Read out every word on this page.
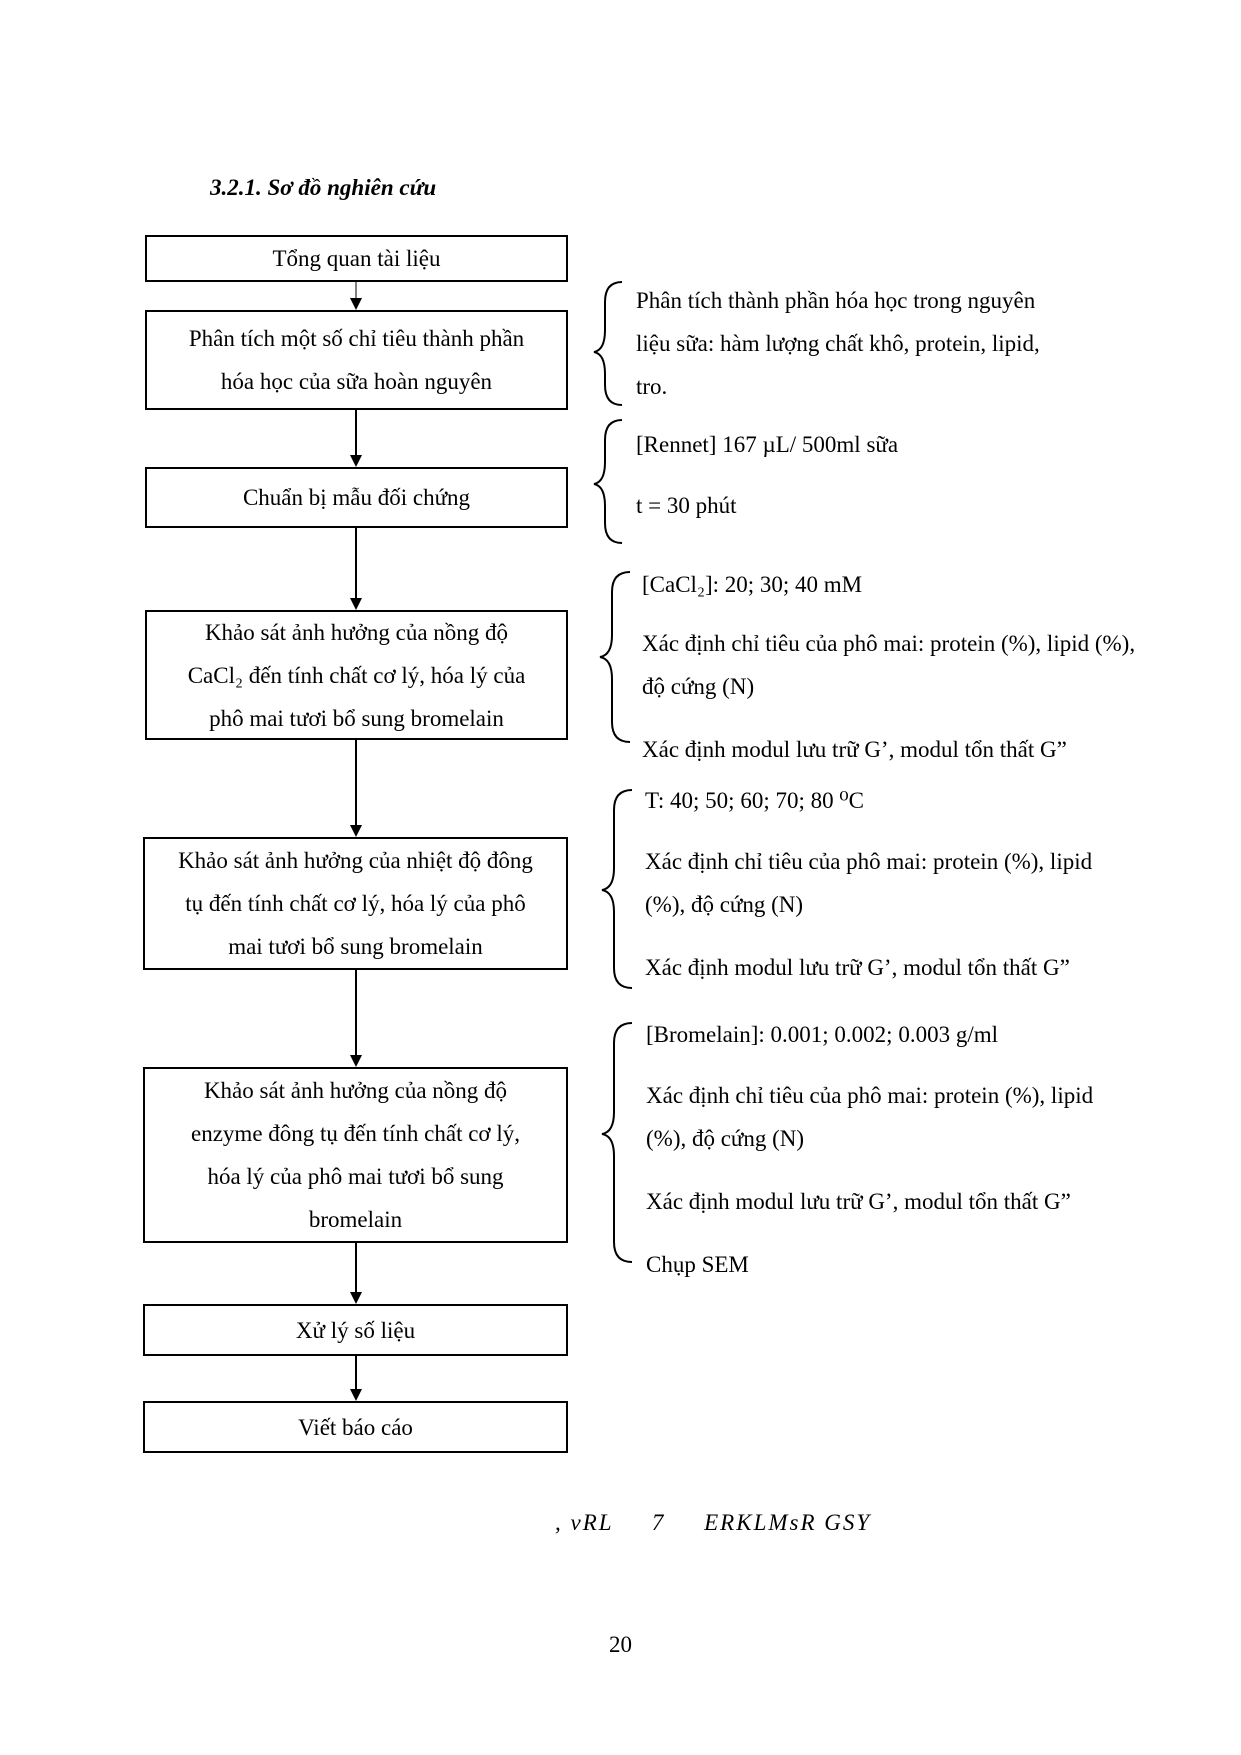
3.2.1. Sơ đồ nghiên cứu
Tổng quan tài liệu
Phân tích một số chỉ tiêu thành phần
hóa học của sữa hoàn nguyên
Chuẩn bị mẫu đối chứng
Khảo sát ảnh hưởng của nồng độ
CaCl₂ đến tính chất cơ lý, hóa lý của
phô mai tươi bổ sung bromelain
Khảo sát ảnh hưởng của nhiệt độ đông
tụ đến tính chất cơ lý, hóa lý của phô
mai tươi bổ sung bromelain
Khảo sát ảnh hưởng của nồng độ
enzyme đông tụ đến tính chất cơ lý,
hóa lý của phô mai tươi bổ sung
bromelain
Xử lý số liệu
Viết báo cáo
Phân tích thành phần hóa học trong nguyên
liệu sữa: hàm lượng chất khô, protein, lipid,
tro.
[Rennet] 167 µL/ 500ml sữa
t = 30 phút
[CaCl₂]: 20; 30; 40 mM
Xác định chỉ tiêu của phô mai: protein (%), lipid (%),
độ cứng (N)
Xác định modul lưu trữ G’, modul tổn thất G”
T: 40; 50; 60; 70; 80 ⁰C
Xác định chỉ tiêu của phô mai: protein (%), lipid
(%), độ cứng (N)
Xác định modul lưu trữ G’, modul tổn thất G”
[Bromelain]: 0.001; 0.002; 0.003 g/ml
Xác định chỉ tiêu của phô mai: protein (%), lipid
(%), độ cứng (N)
Xác định modul lưu trữ G’, modul tổn thất G”
Chụp SEM
, vRL     7     ERKLMsR GSY
20
